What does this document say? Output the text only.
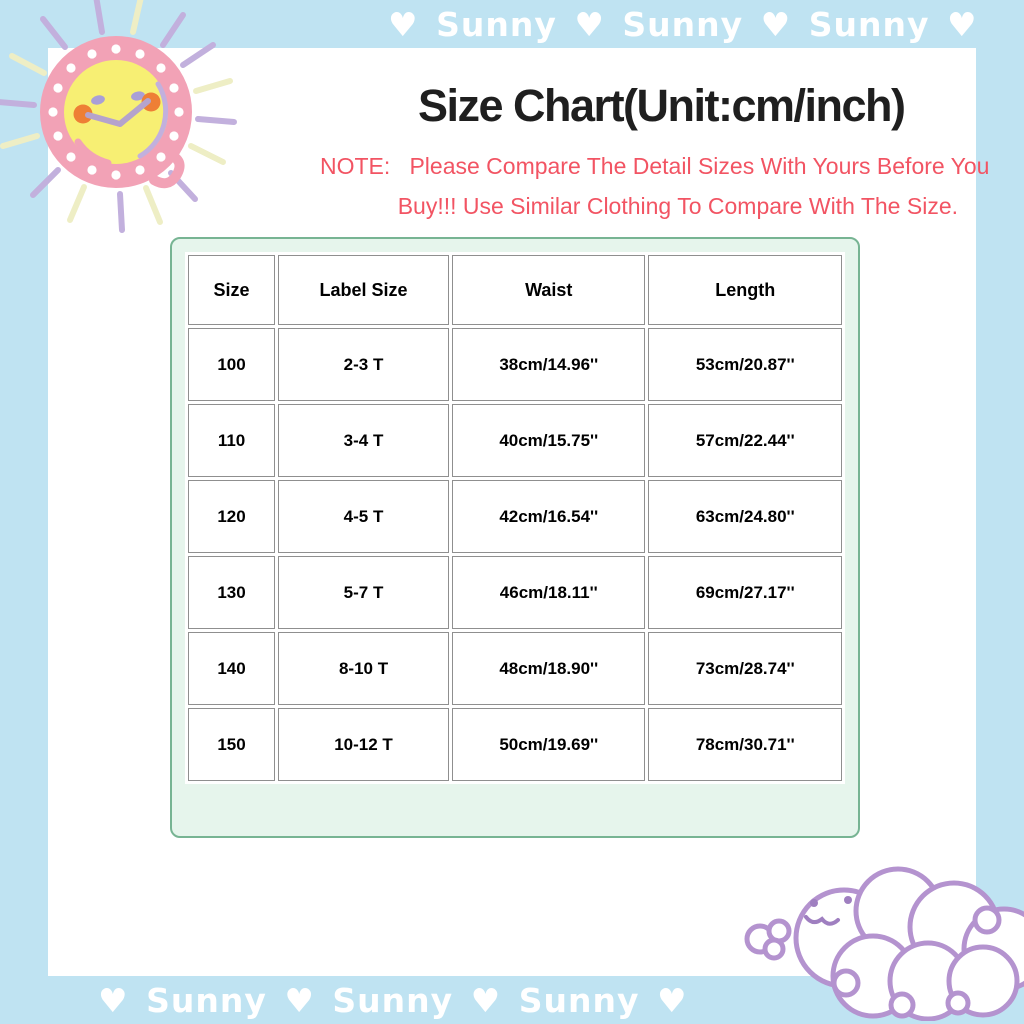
♥ Sunny ♥ Sunny ♥ Sunny ♥
♥ Sunny ♥ Sunny ♥ Sunny ♥
Size Chart(Unit:cm/inch)
NOTE:   Please Compare The Detail Sizes With Yours Before You
Buy!!! Use Similar Clothing To Compare With The Size.
Size	Label Size	Waist	Length
100	2-3 T	38cm/14.96''	53cm/20.87''
110	3-4 T	40cm/15.75''	57cm/22.44''
120	4-5 T	42cm/16.54''	63cm/24.80''
130	5-7 T	46cm/18.11''	69cm/27.17''
140	8-10 T	48cm/18.90''	73cm/28.74''
150	10-12 T	50cm/19.69''	78cm/30.71''
